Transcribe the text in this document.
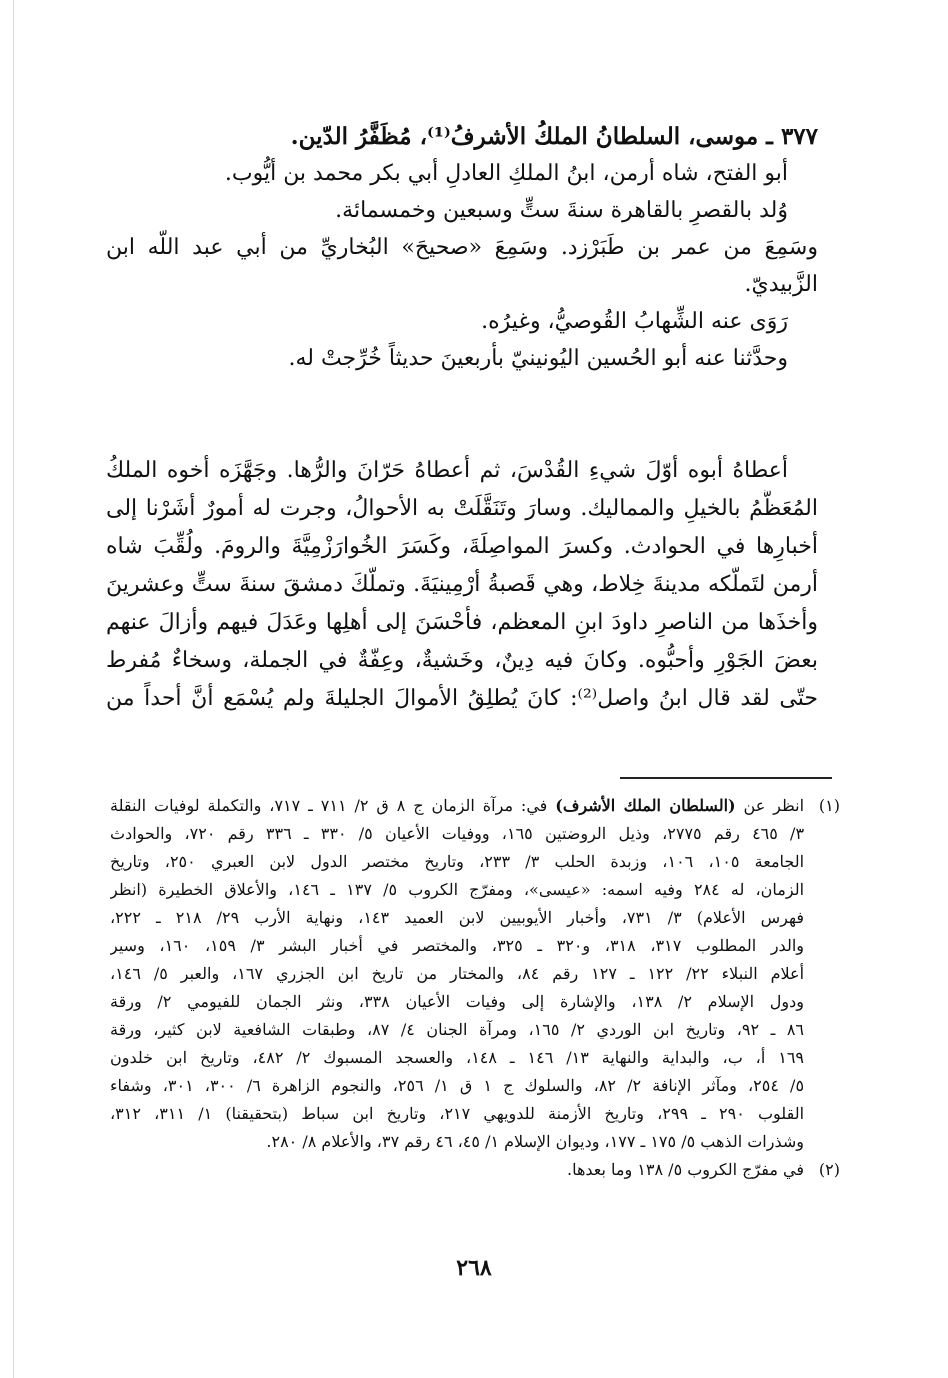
٣٧٧ ـ موسى، السلطانُ الملكُ الأشرفُ⁽¹⁾، مُظَفَّرُ الدّين.
أبو الفتح، شاه أرمن، ابنُ الملكِ العادلِ أبي بكر محمد بن أيُّوب.
وُلد بالقصرِ بالقاهرة سنةَ ستٍّ وسبعين وخمسمائة.
وسَمِعَ من عمر بن طَبَرْزد. وسَمِعَ «صحيحَ» البُخاريِّ من أبي عبد اللّه ابن
الزَّبيديّ.
رَوَى عنه الشِّهابُ القُوصيُّ، وغيرُه.
وحدَّثنا عنه أبو الحُسين اليُونينيّ بأربعينَ حديثاً خُرِّجتْ له.
أعطاهُ أبوه أوّلَ شيءِ القُدْسَ، ثم أعطاهُ حَرّانَ والرُّها. وجَهَّزَه أخوه الملكُ
المُعَظَّمُ بالخيلِ والمماليك. وسارَ وتَنَقَّلَتْ به الأحوالُ، وجرت له أمورٌ أشَرْنا إلى
أخبارِها في الحوادث. وكسرَ المواصِلَةَ، وكَسَرَ الخُوارَزْمِيَّةَ والرومَ. ولُقِّبَ شاه
أرمن لتَملّكه مدينةَ خِلاط، وهي قَصبةُ أرْمِينيَةَ. وتملّكَ دمشقَ سنةَ ستٍّ وعشرينَ
وأخذَها من الناصرِ داودَ ابنِ المعظم، فأحْسَنَ إلى أهلِها وعَدَلَ فيهم وأزالَ عنهم
بعضَ الجَوْرِ وأحبُّوه. وكانَ فيه دِينٌ، وخَشيةٌ، وعِفّةٌ في الجملة، وسخاءٌ مُفرط
حتّى لقد قال ابنُ واصل⁽²⁾: كانَ يُطلِقُ الأموالَ الجليلةَ ولم يُسْمَع أنَّ أحداً من
(١)
انظر عن (السلطان الملك الأشرف) في: مرآة الزمان ج ٨ ق ٢/ ٧١١ ـ ٧١٧، والتكملة لوفيات النقلة
٣/ ٤٦٥ رقم ٢٧٧٥، وذيل الروضتين ١٦٥، ووفيات الأعيان ٥/ ٣٣٠ ـ ٣٣٦ رقم ٧٢٠، والحوادث
الجامعة ١٠٥، ١٠٦، وزبدة الحلب ٣/ ٢٣٣، وتاريخ مختصر الدول لابن العبري ٢٥٠، وتاريخ
الزمان، له ٢٨٤ وفيه اسمه: «عيسى»، ومفرّج الكروب ٥/ ١٣٧ ـ ١٤٦، والأعلاق الخطيرة (انظر
فهرس الأعلام) ٣/ ٧٣١، وأخبار الأيوبيين لابن العميد ١٤٣، ونهاية الأرب ٢٩/ ٢١٨ ـ ٢٢٢،
والدر المطلوب ٣١٧، ٣١٨، و٣٢٠ ـ ٣٢٥، والمختصر في أخبار البشر ٣/ ١٥٩، ١٦٠، وسير
أعلام النبلاء ٢٢/ ١٢٢ ـ ١٢٧ رقم ٨٤، والمختار من تاريخ ابن الجزري ١٦٧، والعبر ٥/ ١٤٦،
ودول الإسلام ٢/ ١٣٨، والإشارة إلى وفيات الأعيان ٣٣٨، ونثر الجمان للفيومي ٢/ ورقة
٨٦ ـ ٩٢، وتاريخ ابن الوردي ٢/ ١٦٥، ومرآة الجنان ٤/ ٨٧، وطبقات الشافعية لابن كثير، ورقة
١٦٩ أ، ب، والبداية والنهاية ١٣/ ١٤٦ ـ ١٤٨، والعسجد المسبوك ٢/ ٤٨٢، وتاريخ ابن خلدون
٥/ ٢٥٤، ومآثر الإنافة ٢/ ٨٢، والسلوك ج ١ ق ١/ ٢٥٦، والنجوم الزاهرة ٦/ ٣٠٠، ٣٠١، وشفاء
القلوب ٢٩٠ ـ ٢٩٩، وتاريخ الأزمنة للدويهي ٢١٧، وتاريخ ابن سباط (بتحقيقنا) ١/ ٣١١، ٣١٢،
وشذرات الذهب ٥/ ١٧٥ ـ ١٧٧، وديوان الإسلام ١/ ٤٥، ٤٦ رقم ٣٧، والأعلام ٨/ ٢٨٠.
(٢)
في مفرّج الكروب ٥/ ١٣٨ وما بعدها.
٢٦٨
